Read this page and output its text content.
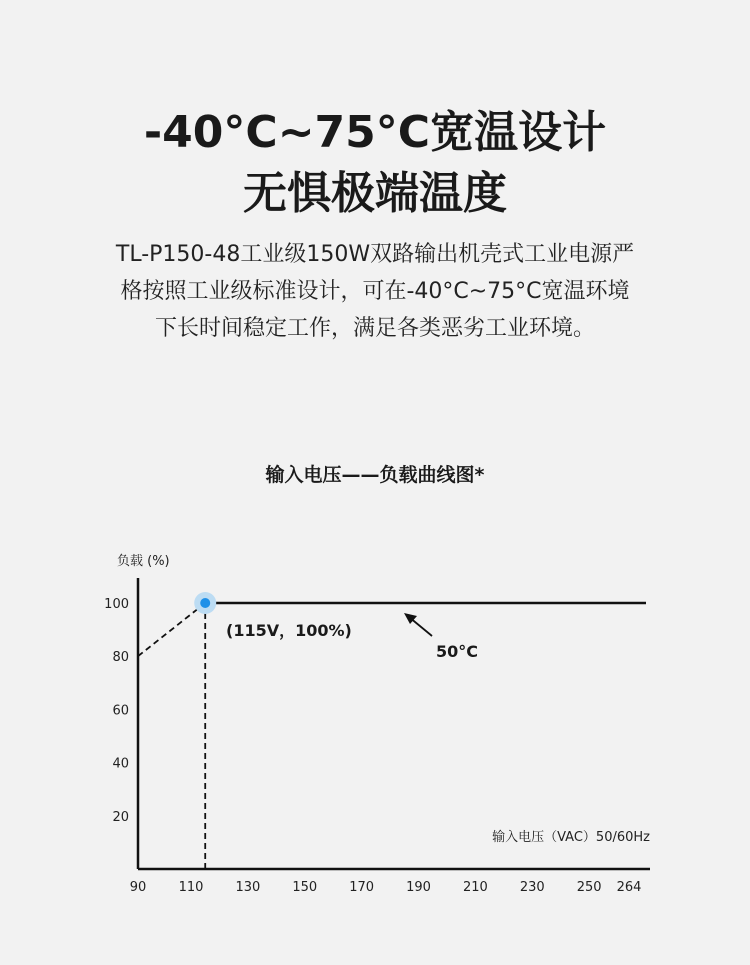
-40°C~75°C宽温设计
无惧极端温度
TL-P150-48工业级150W双路输出机壳式工业电源严
格按照工业级标准设计，可在-40°C~75°C宽温环境
下长时间稳定工作，满足各类恶劣工业环境。
输入电压——负载曲线图*
20
40
60
80
100
90 110 130 150 170 190 210 230 250 264
(115V，100%)
50°C
负载 (%)
输入电压（VAC）50/60Hz
